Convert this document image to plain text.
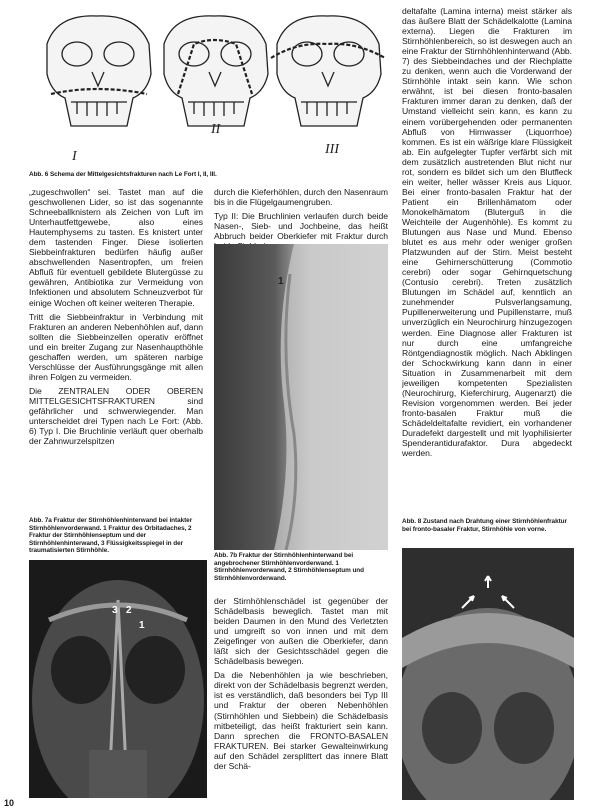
I
II
III
Abb. 6 Schema der Mittelgesichtsfrakturen nach Le Fort I, II, III.

„zugeschwollen“ sei. Tastet man auf die geschwollenen Lider, so ist das sogenannte Schneeballknistern als Zeichen von Luft im Unterhautfettgewebe, also eines Hautemphysems zu tasten. Es knistert unter dem tastenden Finger. Diese isolierten Siebbeinfrakturen bedürfen häufig außer abschwellenden Nasentropfen, um freien Abfluß für eventuell gebildete Blutergüsse zu gewähren, Antibiotika zur Vermeidung von Infektionen und absolutem Schneuzverbot für einige Wochen oft keiner weiteren Therapie.

Tritt die Siebbeinfraktur in Verbindung mit Frakturen an anderen Nebenhöhlen auf, dann sollten die Siebbeinzellen operativ eröffnet und ein breiter Zugang zur Nasenhaupthöhle geschaffen werden, um späteren narbige Verschlüsse der Ausführungsgänge mit allen ihren Folgen zu vermeiden.

Die ZENTRALEN ODER OBEREN MITTELGESICHTSFRAKTUREN sind gefährlicher und schwerwiegender. Man unterscheidet drei Typen nach Le Fort: (Abb. 6) Typ I. Die Bruchlinie verläuft quer oberhalb der Zahnwurzelspitzen

durch die Kieferhöhlen, durch den Nasenraum bis in die Flügelgaumengruben.

Typ II: Die Bruchlinien verlaufen durch beide Nasen-, Sieb- und Jochbeine, das heißt Abbruch beider Oberkiefer mit Fraktur durch

1

deltafalte (Lamina interna) meist stärker als das äußere Blatt der Schädelkalotte (Lamina externa). Liegen die Frakturen im Stirnhöhlenbereich, so ist deswegen auch an eine Fraktur der Stirnhöhlenhinterwand (Abb. 7) des Siebbeindaches und der Riechplatte zu denken, wenn auch die Vorderwand der Stirnhöhle intakt sein kann. Wie schon erwähnt, ist bei diesen fronto-basalen Frakturen immer daran zu denken, daß der Umstand vielleicht sein kann, es kann zu einem vorübergehenden oder permanenten Abfluß von Hirnwasser (Liquorrhoe) kommen. Es ist ein wäßrige klare Flüssigkeit ab. Ein aufgelegter Tupfer verfärbt sich mit dem zusätzlich austretenden Blut nicht nur rot, sondern es bildet sich um den Blutfleck ein weiter, heller wässer Kreis aus Liquor. Bei einer fronto-basalen Fraktur hat der Patient ein Brillenhämatom oder Monokelhämatom (Bluterguß in die Weichteile der Augenhöhle). Es kommt zu Blutungen aus Nase und Mund. Ebenso blutet es aus mehr oder weniger großen Platzwunden auf der Stirn. Meist besteht eine Gehirnerschütterung (Commotio cerebri) oder sogar Gehirnquetschung (Contusio cerebri). Treten zusätzlich Blutungen im Schädel auf, kenntlich an zunehmender Pulsverlangsamung, Pupillenerweiterung und Pupillenstarre, muß unverzüglich ein Neurochirurg hinzugezogen werden. Eine Diagnose aller Frakturen ist nur durch eine umfangreiche Röntgendiagnostik möglich. Nach Abklingen der Schockwirkung kann dann in einer Situation in Zusammenarbeit mit dem jeweiligen kompetenten Spezialisten (Neurochirurg, Kieferchirurg, Augenarzt) die Revision vorgenommen werden. Bei jeder fronto-basalen Fraktur muß die Schädeldeltafalte revidiert, ein vorhandener Duradefekt dargestellt und mit lyophilisierter Spenderantidurafaktor. Dura abgedeckt werden.

Abb. 7a Fraktur der Stirnhöhlenhinterwand bei intakter Stirnhöhlenvorderwand. 1 Fraktur des Orbitadaches, 2 Fraktur der Stirnhöhlenseptum und der Stirnhöhlenhinterwand, 3 Flüssigkeitsspiegel in der traumatisierten Stirnhöhle.
3 2
1
Abb. 7b Fraktur der Stirnhöhlenhinterwand bei angebrochener Stirnhöhlenvorderwand. 1 Stirnhöhlenvorderwand, 2 Stirnhöhlenseptum und Stirnhöhlenvorderwand.

der Stirnhöhlenschädel ist gegenüber der Schädelbasis beweglich. Tastet man mit beiden Daumen in den Mund des Verletzten und umgreift so von innen und mit dem Zeigefinger von außen die Oberkiefer, dann läßt sich der Gesichtsschädel gegen die Schädelbasis bewegen.

Da die Nebenhöhlen ja wie beschrieben, direkt von der Schädelbasis begrenzt werden, ist es verständlich, daß besonders bei Typ III und Fraktur der oberen Nebenhöhlen (Stirnhöhlen und Siebbein) die Schädelbasis mitbeteiligt, das heißt frakturiert sein kann. Dann sprechen die FRONTO-BASALEN FRAKTUREN. Bei starker Gewalteinwirkung auf den Schädel zersplittert das innere Blatt der Schä-

Abb. 8 Zustand nach Drahtung einer Stirnhöhlenfraktur bei fronto-basaler Fraktur, Stirnhöhle von vorne.
10
